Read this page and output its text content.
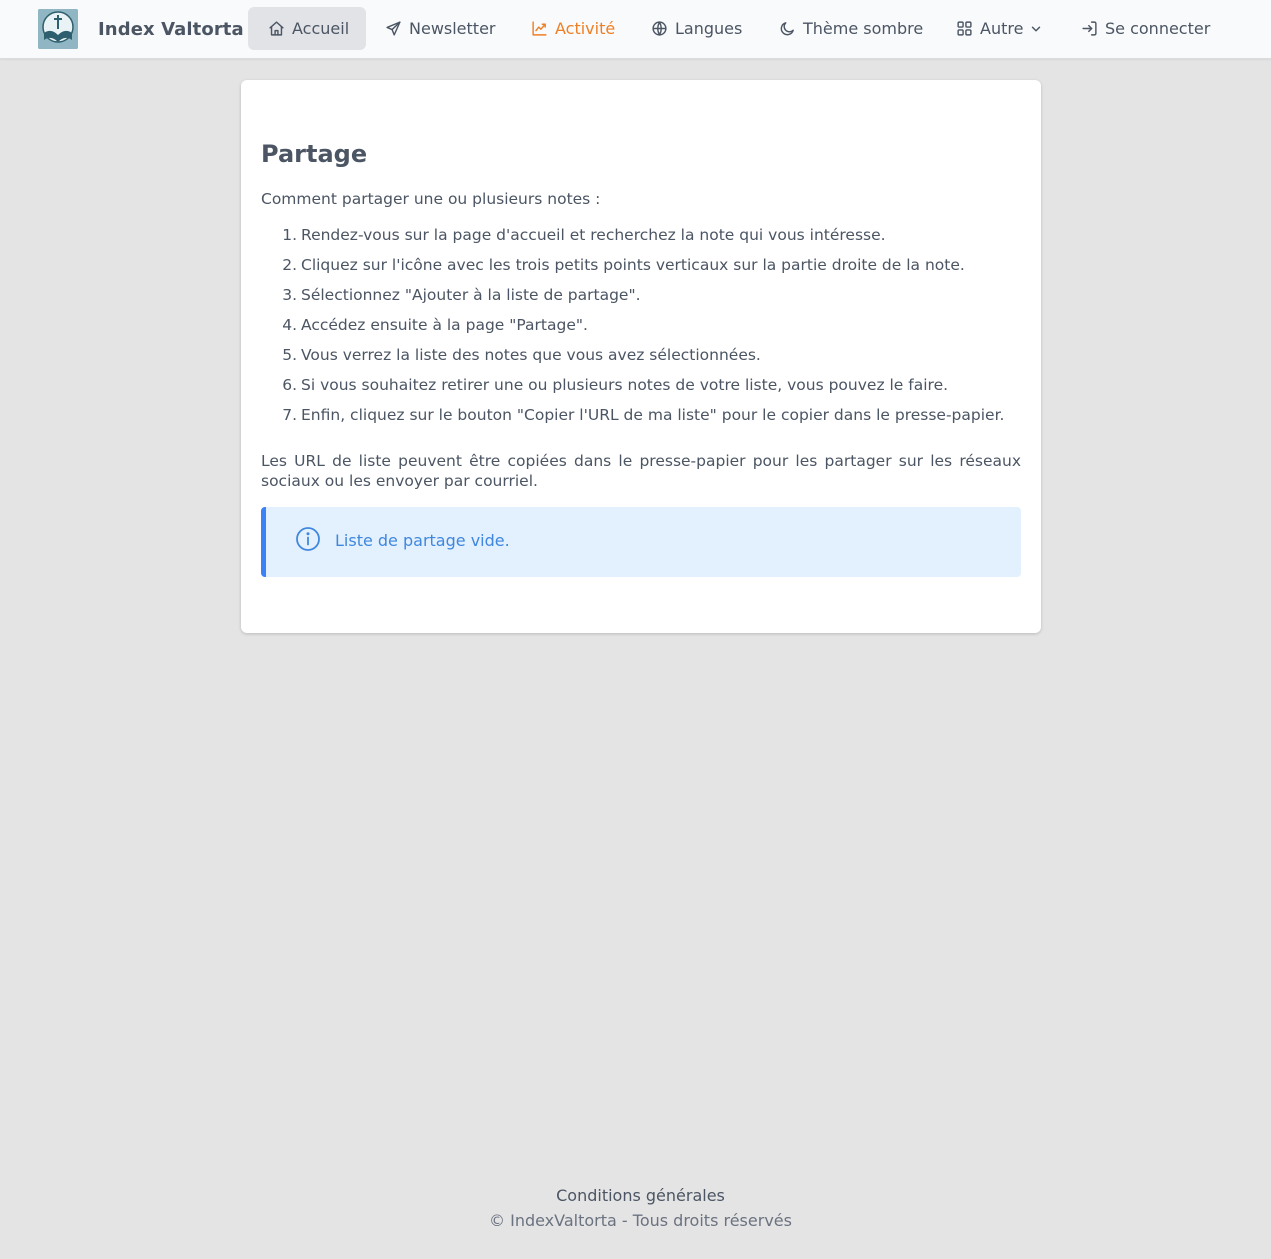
Index Valtorta	Accueil	Newsletter	Activité	Langues	Thème sombre	Autre	Se connecter
Partage

Comment partager une ou plusieurs notes :

1. Rendez-vous sur la page d'accueil et recherchez la note qui vous intéresse.
2. Cliquez sur l'icône avec les trois petits points verticaux sur la partie droite de la note.
3. Sélectionnez "Ajouter à la liste de partage".
4. Accédez ensuite à la page "Partage".
5. Vous verrez la liste des notes que vous avez sélectionnées.
6. Si vous souhaitez retirer une ou plusieurs notes de votre liste, vous pouvez le faire.
7. Enfin, cliquez sur le bouton "Copier l'URL de ma liste" pour le copier dans le presse-papier.

Les URL de liste peuvent être copiées dans le presse-papier pour les partager sur les réseaux sociaux ou les envoyer par courriel.

Liste de partage vide.
Conditions générales
© IndexValtorta - Tous droits réservés
